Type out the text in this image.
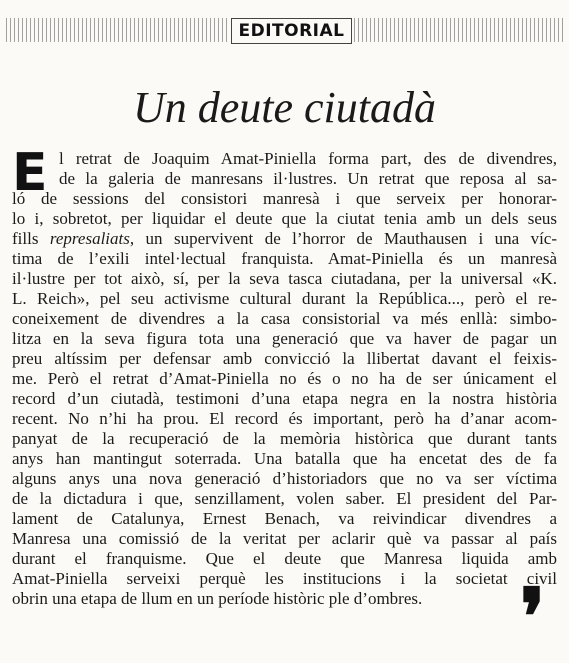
EDITORIAL
Un deute ciutadà
E l retrat de Joaquim Amat-Piniella forma part, des de divendres,
de la galeria de manresans il·lustres. Un retrat que reposa al sa-
ló de sessions del consistori manresà i que serveix per honorar-
lo i, sobretot, per liquidar el deute que la ciutat tenia amb un dels seus
fills represaliats, un supervivent de l’horror de Mauthausen i una víc-
tima de l’exili intel·lectual franquista. Amat-Piniella és un manresà
il·lustre per tot això, sí, per la seva tasca ciutadana, per la universal «K.
L. Reich», pel seu activisme cultural durant la República..., però el re-
coneixement de divendres a la casa consistorial va més enllà: simbo-
litza en la seva figura tota una generació que va haver de pagar un
preu altíssim per defensar amb convicció la llibertat davant el feixis-
me. Però el retrat d’Amat-Piniella no és o no ha de ser únicament el
record d’un ciutadà, testimoni d’una etapa negra en la nostra història
recent. No n’hi ha prou. El record és important, però ha d’anar acom-
panyat de la recuperació de la memòria històrica que durant tants
anys han mantingut soterrada. Una batalla que ha encetat des de fa
alguns anys una nova generació d’historiadors que no va ser víctima
de la dictadura i que, senzillament, volen saber. El president del Par-
lament de Catalunya, Ernest Benach, va reivindicar divendres a
Manresa una comissió de la veritat per aclarir què va passar al país
durant el franquisme. Que el deute que Manresa liquida amb
Amat-Piniella serveixi perquè les institucions i la societat civil
obrin una etapa de llum en un període històric ple d’ombres.	❜
